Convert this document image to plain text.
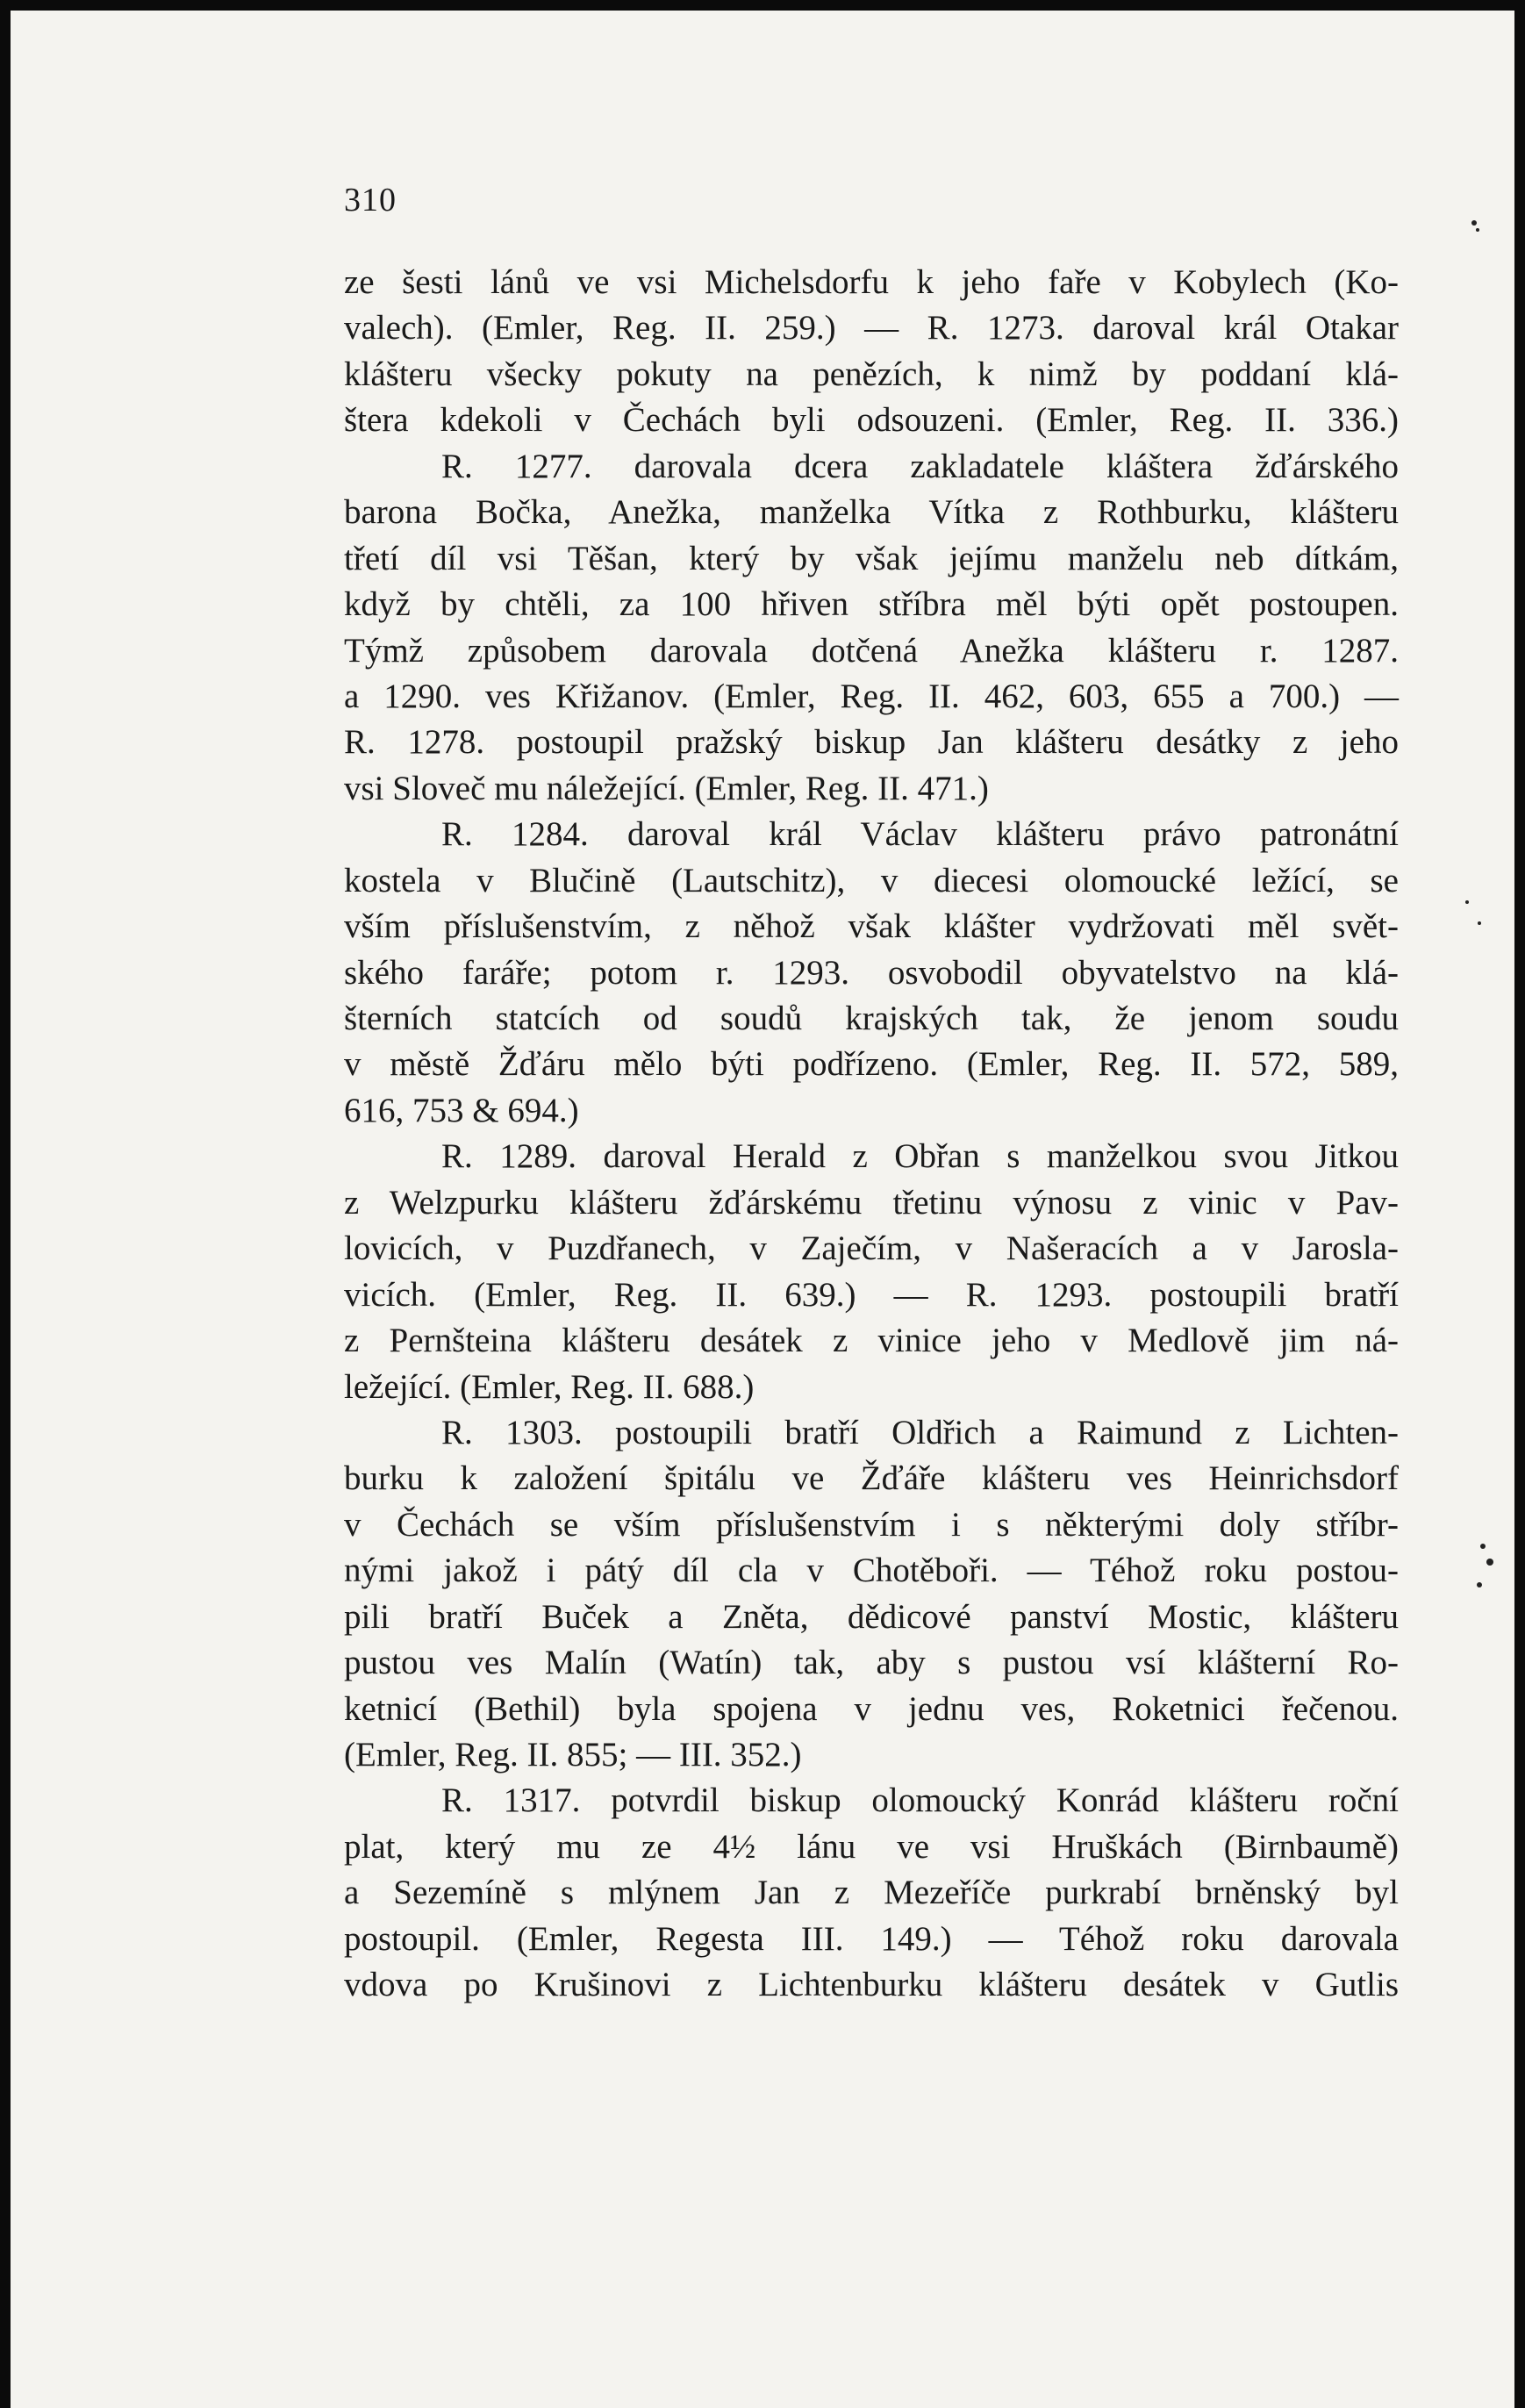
310
ze šesti lánů ve vsi Michelsdorfu k jeho faře v Kobylech (Ko-
valech). (Emler, Reg. II. 259.) — R. 1273. daroval král Otakar
klášteru všecky pokuty na penězích, k nimž by poddaní klá-
štera kdekoli v Čechách byli odsouzeni. (Emler, Reg. II. 336.)
R. 1277. darovala dcera zakladatele kláštera žďárského
barona Bočka, Anežka, manželka Vítka z Rothburku, klášteru
třetí díl vsi Těšan, který by však jejímu manželu neb dítkám,
když by chtěli, za 100 hřiven stříbra měl býti opět postoupen.
Týmž způsobem darovala dotčená Anežka klášteru r. 1287.
a 1290. ves Křižanov. (Emler, Reg. II. 462, 603, 655 a 700.) —
R. 1278. postoupil pražský biskup Jan klášteru desátky z jeho
vsi Sloveč mu náležející. (Emler, Reg. II. 471.)
R. 1284. daroval král Václav klášteru právo patronátní
kostela v Blučině (Lautschitz), v diecesi olomoucké ležící, se
vším příslušenstvím, z něhož však klášter vydržovati měl svět-
ského faráře; potom r. 1293. osvobodil obyvatelstvo na klá-
šterních statcích od soudů krajských tak, že jenom soudu
v městě Žďáru mělo býti podřízeno. (Emler, Reg. II. 572, 589,
616, 753 & 694.)
R. 1289. daroval Herald z Obřan s manželkou svou Jitkou
z Welzpurku klášteru žďárskému třetinu výnosu z vinic v Pav-
lovicích, v Puzdřanech, v Zaječím, v Našeracích a v Jarosla-
vicích. (Emler, Reg. II. 639.) — R. 1293. postoupili bratří
z Pernšteina klášteru desátek z vinice jeho v Medlově jim ná-
ležející. (Emler, Reg. II. 688.)
R. 1303. postoupili bratří Oldřich a Raimund z Lichten-
burku k založení špitálu ve Žďáře klášteru ves Heinrichsdorf
v Čechách se vším příslušenstvím i s některými doly stříbr-
nými jakož i pátý díl cla v Chotěboři. — Téhož roku postou-
pili bratří Buček a Zněta, dědicové panství Mostic, klášteru
pustou ves Malín (Watín) tak, aby s pustou vsí klášterní Ro-
ketnicí (Bethil) byla spojena v jednu ves, Roketnici řečenou.
(Emler, Reg. II. 855; — III. 352.)
R. 1317. potvrdil biskup olomoucký Konrád klášteru roční
plat, který mu ze 4½ lánu ve vsi Hruškách (Birnbaumě)
a Sezemíně s mlýnem Jan z Mezeříče purkrabí brněnský byl
postoupil. (Emler, Regesta III. 149.) — Téhož roku darovala
vdova po Krušinovi z Lichtenburku klášteru desátek v Gutlis
